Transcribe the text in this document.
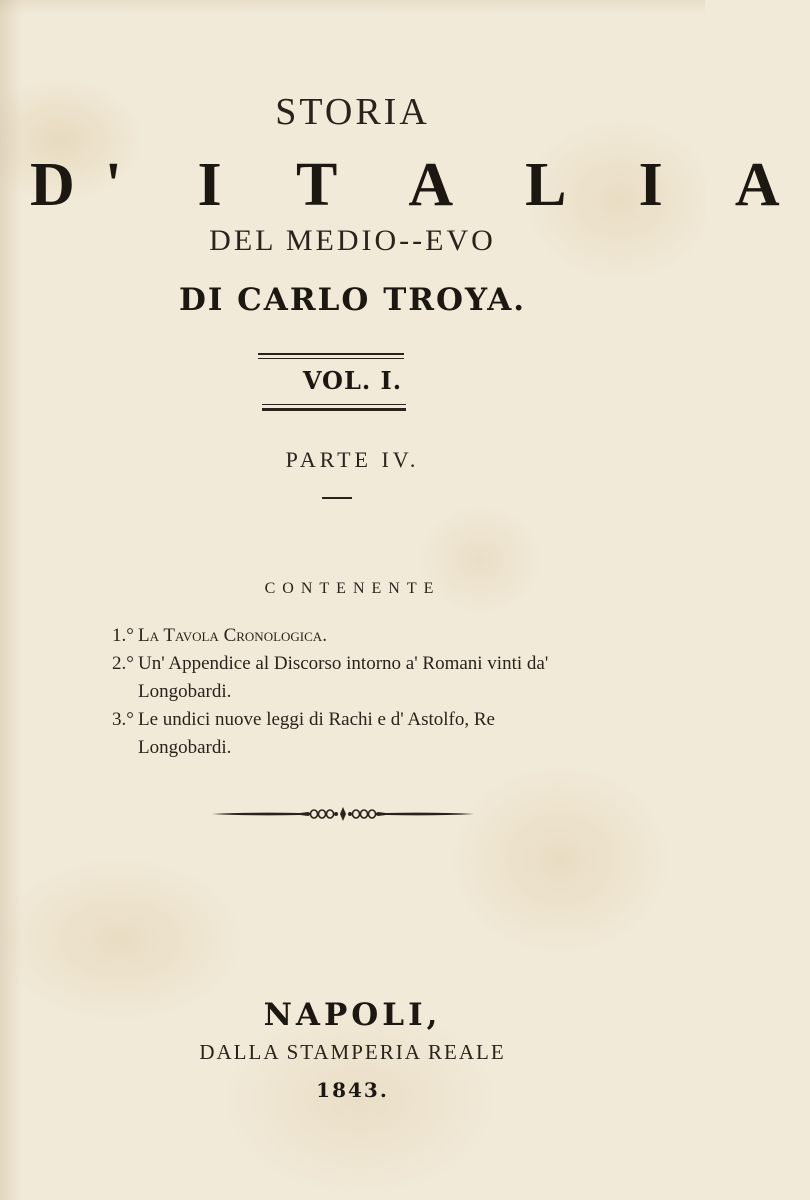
STORIA
D' I T A L I A
DEL MEDIO--EVO
DI CARLO TROYA.
VOL. I.
PARTE IV.
CONTENENTE

1.° La Tavola Cronologica.

2.° Un' Appendice al Discorso intorno a' Romani vinti da' Longobardi.

3.° Le undici nuove leggi di Rachi e d' Astolfo, Re Longobardi.

NAPOLI,
DALLA STAMPERIA REALE
1843.
